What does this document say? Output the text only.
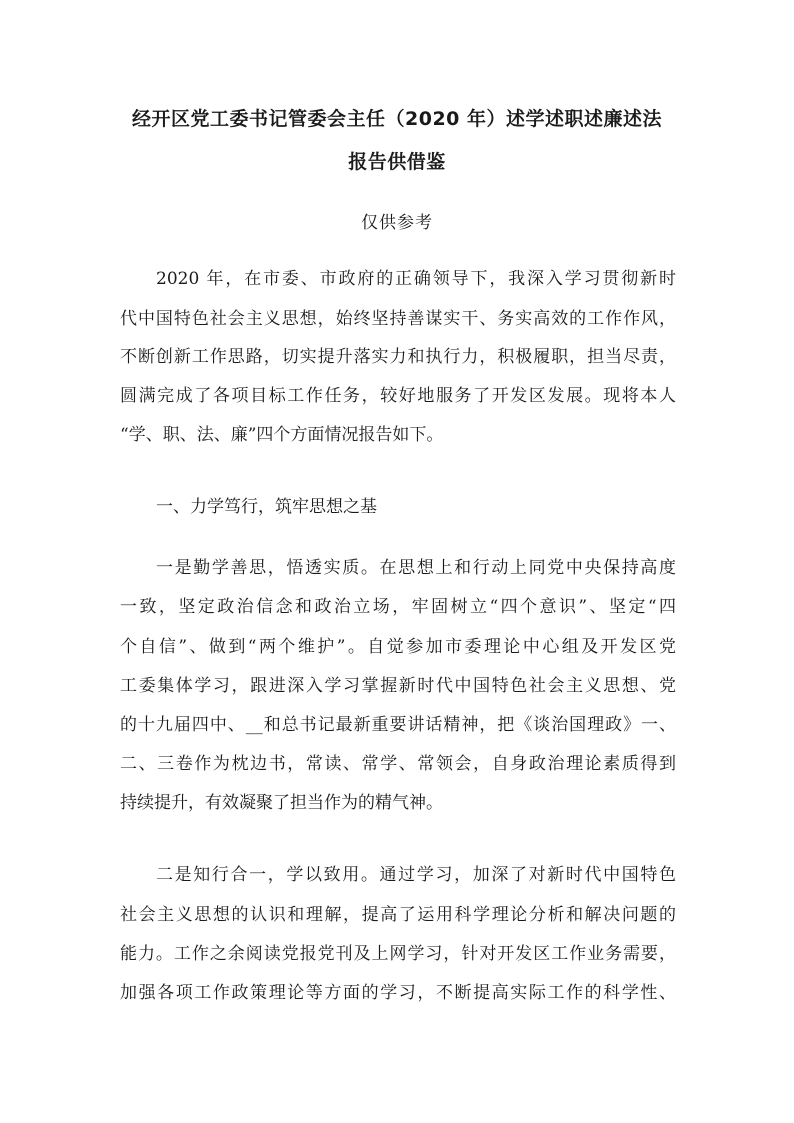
经开区党工委书记管委会主任（2020 年）述学述职述廉述法
报告供借鉴

仅供参考

2020 年，在市委、市政府的正确领导下，我深入学习贯彻新时

代中国特色社会主义思想，始终坚持善谋实干、务实高效的工作作风，

不断创新工作思路，切实提升落实力和执行力，积极履职，担当尽责，

圆满完成了各项目标工作任务，较好地服务了开发区发展。现将本人

“学、职、法、廉”四个方面情况报告如下。

一、力学笃行，筑牢思想之基

一是勤学善思，悟透实质。在思想上和行动上同党中央保持高度

一致，坚定政治信念和政治立场，牢固树立“四个意识”、坚定“四

个自信”、做到“两个维护”。自觉参加市委理论中心组及开发区党

工委集体学习，跟进深入学习掌握新时代中国特色社会主义思想、党

的十九届四中、__和总书记最新重要讲话精神，把《谈治国理政》一、

二、三卷作为枕边书，常读、常学、常领会，自身政治理论素质得到

持续提升，有效凝聚了担当作为的精气神。

二是知行合一，学以致用。通过学习，加深了对新时代中国特色

社会主义思想的认识和理解，提高了运用科学理论分析和解决问题的

能力。工作之余阅读党报党刊及上网学习，针对开发区工作业务需要，

加强各项工作政策理论等方面的学习，不断提高实际工作的科学性、
